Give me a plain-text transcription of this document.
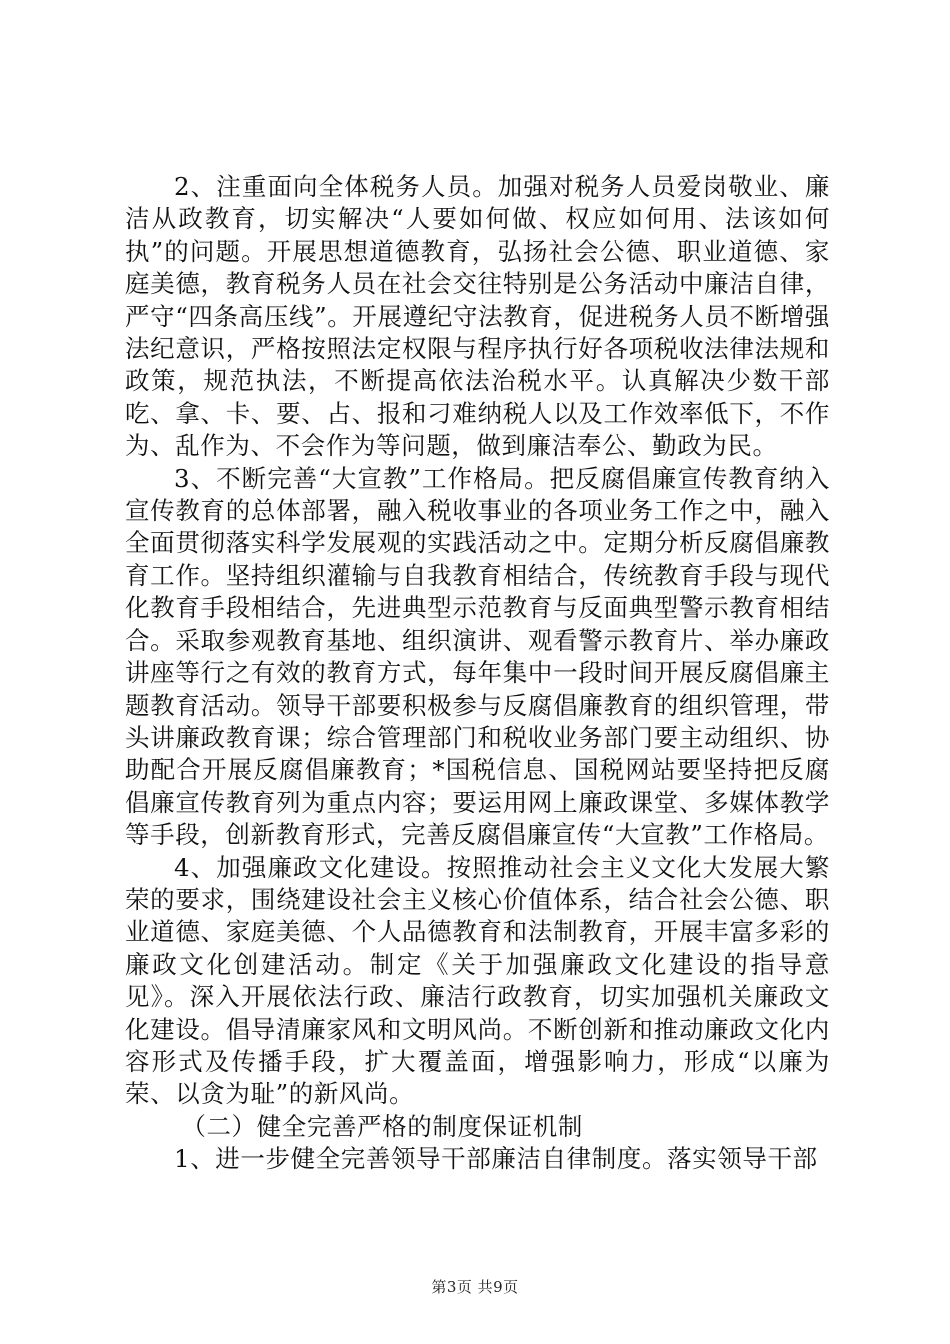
2、注重面向全体税务人员。加强对税务人员爱岗敬业、廉洁从政教育，切实解决“人要如何做、权应如何用、法该如何执”的问题。开展思想道德教育，弘扬社会公德、职业道德、家庭美德，教育税务人员在社会交往特别是公务活动中廉洁自律，严守“四条高压线”。开展遵纪守法教育，促进税务人员不断增强法纪意识，严格按照法定权限与程序执行好各项税收法律法规和政策，规范执法，不断提高依法治税水平。认真解决少数干部吃、拿、卡、要、占、报和刁难纳税人以及工作效率低下，不作为、乱作为、不会作为等问题，做到廉洁奉公、勤政为民。

3、不断完善“大宣教”工作格局。把反腐倡廉宣传教育纳入宣传教育的总体部署，融入税收事业的各项业务工作之中，融入全面贯彻落实科学发展观的实践活动之中。定期分析反腐倡廉教育工作。坚持组织灌输与自我教育相结合，传统教育手段与现代化教育手段相结合，先进典型示范教育与反面典型警示教育相结合。采取参观教育基地、组织演讲、观看警示教育片、举办廉政讲座等行之有效的教育方式，每年集中一段时间开展反腐倡廉主题教育活动。领导干部要积极参与反腐倡廉教育的组织管理，带头讲廉政教育课；综合管理部门和税收业务部门要主动组织、协助配合开展反腐倡廉教育；*国税信息、国税网站要坚持把反腐倡廉宣传教育列为重点内容；要运用网上廉政课堂、多媒体教学等手段，创新教育形式，完善反腐倡廉宣传“大宣教”工作格局。

4、加强廉政文化建设。按照推动社会主义文化大发展大繁荣的要求，围绕建设社会主义核心价值体系，结合社会公德、职业道德、家庭美德、个人品德教育和法制教育，开展丰富多彩的廉政文化创建活动。制定《关于加强廉政文化建设的指导意见》。深入开展依法行政、廉洁行政教育，切实加强机关廉政文化建设。倡导清廉家风和文明风尚。不断创新和推动廉政文化内容形式及传播手段，扩大覆盖面，增强影响力，形成“以廉为荣、以贪为耻”的新风尚。

（二）健全完善严格的制度保证机制

1、进一步健全完善领导干部廉洁自律制度。落实领导干部

第3页 共9页
